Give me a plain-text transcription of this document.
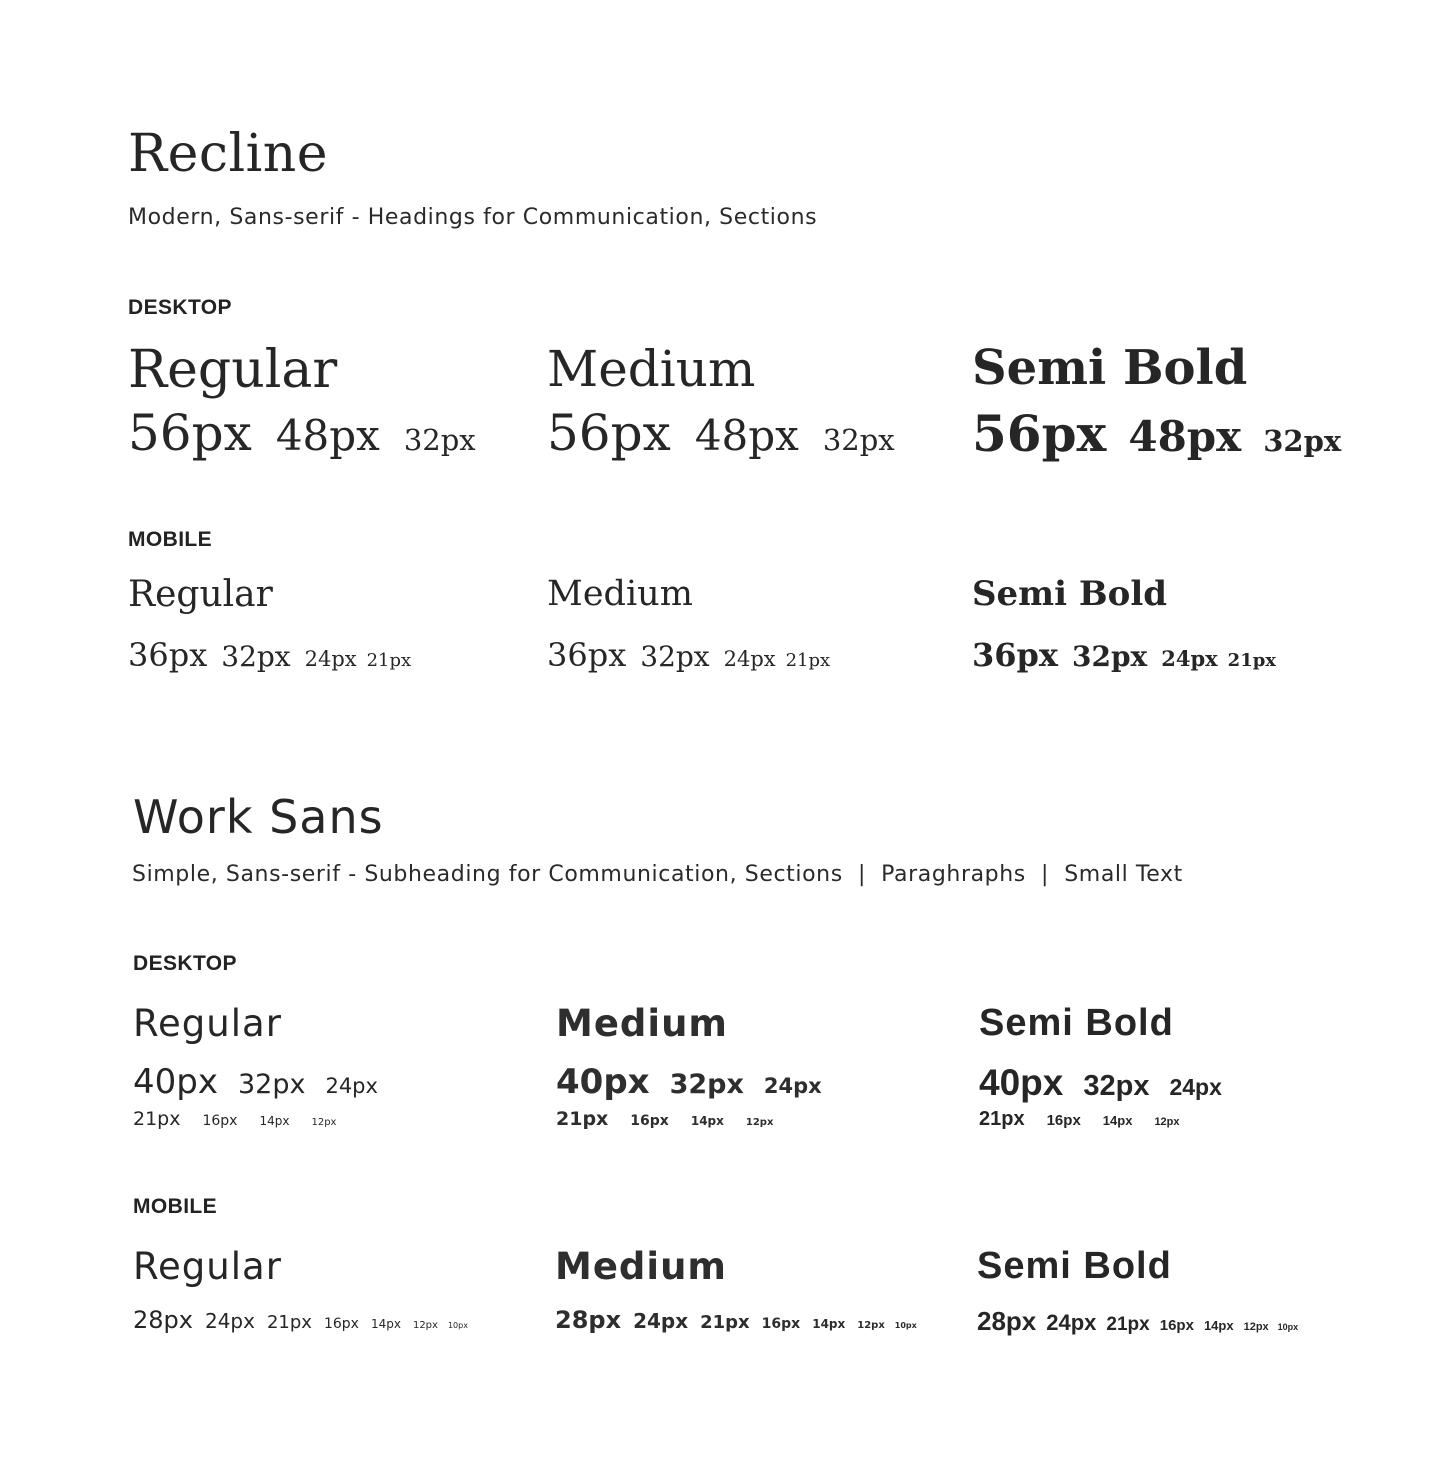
Recline
Modern, Sans-serif - Headings for Communication, Sections
DESKTOP
Regular
56px 48px 32px
Medium
56px 48px 32px
Semi Bold
56px 48px 32px
MOBILE
Regular
36px 32px 24px 21px
Medium
36px 32px 24px 21px
Semi Bold
36px 32px 24px 21px
Work Sans
Simple, Sans-serif - Subheading for Communication, Sections  |  Paraghraphs  |  Small Text
DESKTOP
Regular
40px 32px 24px
21px 16px 14px 12px
Medium
40px 32px 24px
21px 16px 14px 12px
Semi Bold
40px 32px 24px
21px 16px 14px 12px
MOBILE
Regular
28px 24px 21px 16px 14px 12px 10px
Medium
28px 24px 21px 16px 14px 12px 10px
Semi Bold
28px 24px 21px 16px 14px 12px 10px
